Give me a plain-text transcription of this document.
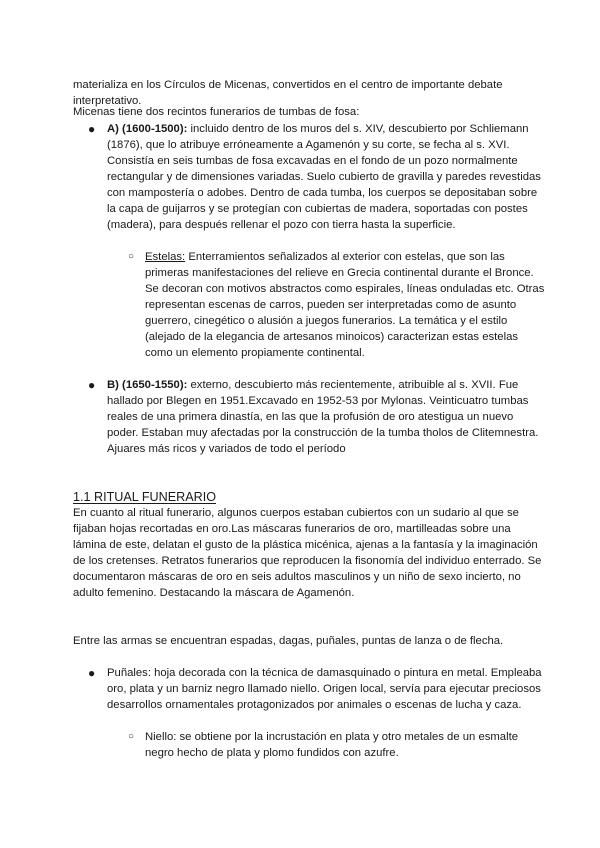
materializa en los Círculos de Micenas, convertidos en el centro de importante debate interpretativo.

Micenas tiene dos recintos funerarios de tumbas de fosa:

● A) (1600-1500): incluido dentro de los muros del s. XIV, descubierto por Schliemann (1876), que lo atribuye erróneamente a Agamenón y su corte, se fecha al s. XVI. Consistía en seis tumbas de fosa excavadas en el fondo de un pozo normalmente rectangular y de dimensiones variadas. Suelo cubierto de gravilla y paredes revestidas con mampostería o adobes. Dentro de cada tumba, los cuerpos se depositaban sobre la capa de guijarros y se protegían con cubiertas de madera, soportadas con postes (madera), para después rellenar el pozo con tierra hasta la superficie.

○ Estelas: Enterramientos señalizados al exterior con estelas, que son las primeras manifestaciones del relieve en Grecia continental durante el Bronce. Se decoran con motivos abstractos como espirales, líneas onduladas etc. Otras representan escenas de carros, pueden ser interpretadas como de asunto guerrero, cinegético o alusión a juegos funerarios. La temática y el estilo (alejado de la elegancia de artesanos minoicos) caracterizan estas estelas como un elemento propiamente continental.

● B) (1650-1550): externo, descubierto más recientemente, atribuible al s. XVII. Fue hallado por Blegen en 1951.Excavado en 1952-53 por Mylonas. Veinticuatro tumbas reales de una primera dinastía, en las que la profusión de oro atestigua un nuevo poder. Estaban muy afectadas por la construcción de la tumba tholos de Clitemnestra. Ajuares más ricos y variados de todo el período

1.1 RITUAL FUNERARIO

En cuanto al ritual funerario, algunos cuerpos estaban cubiertos con un sudario al que se fijaban hojas recortadas en oro.Las máscaras funerarios de oro, martilleadas sobre una lámina de este, delatan el gusto de la plástica micénica, ajenas a la fantasía y la imaginación de los cretenses. Retratos funerarios que reproducen la fisonomía del individuo enterrado. Se documentaron máscaras de oro en seis adultos masculinos y un niño de sexo incierto, no adulto femenino. Destacando la máscara de Agamenón.

Entre las armas se encuentran espadas, dagas, puñales, puntas de lanza o de flecha.

● Puñales: hoja decorada con la técnica de damasquinado o pintura en metal. Empleaba oro, plata y un barniz negro llamado niello. Origen local, servía para ejecutar preciosos desarrollos ornamentales protagonizados por animales o escenas de lucha y caza.

○ Niello: se obtiene por la incrustación en plata y otro metales de un esmalte negro hecho de plata y plomo fundidos con azufre.
